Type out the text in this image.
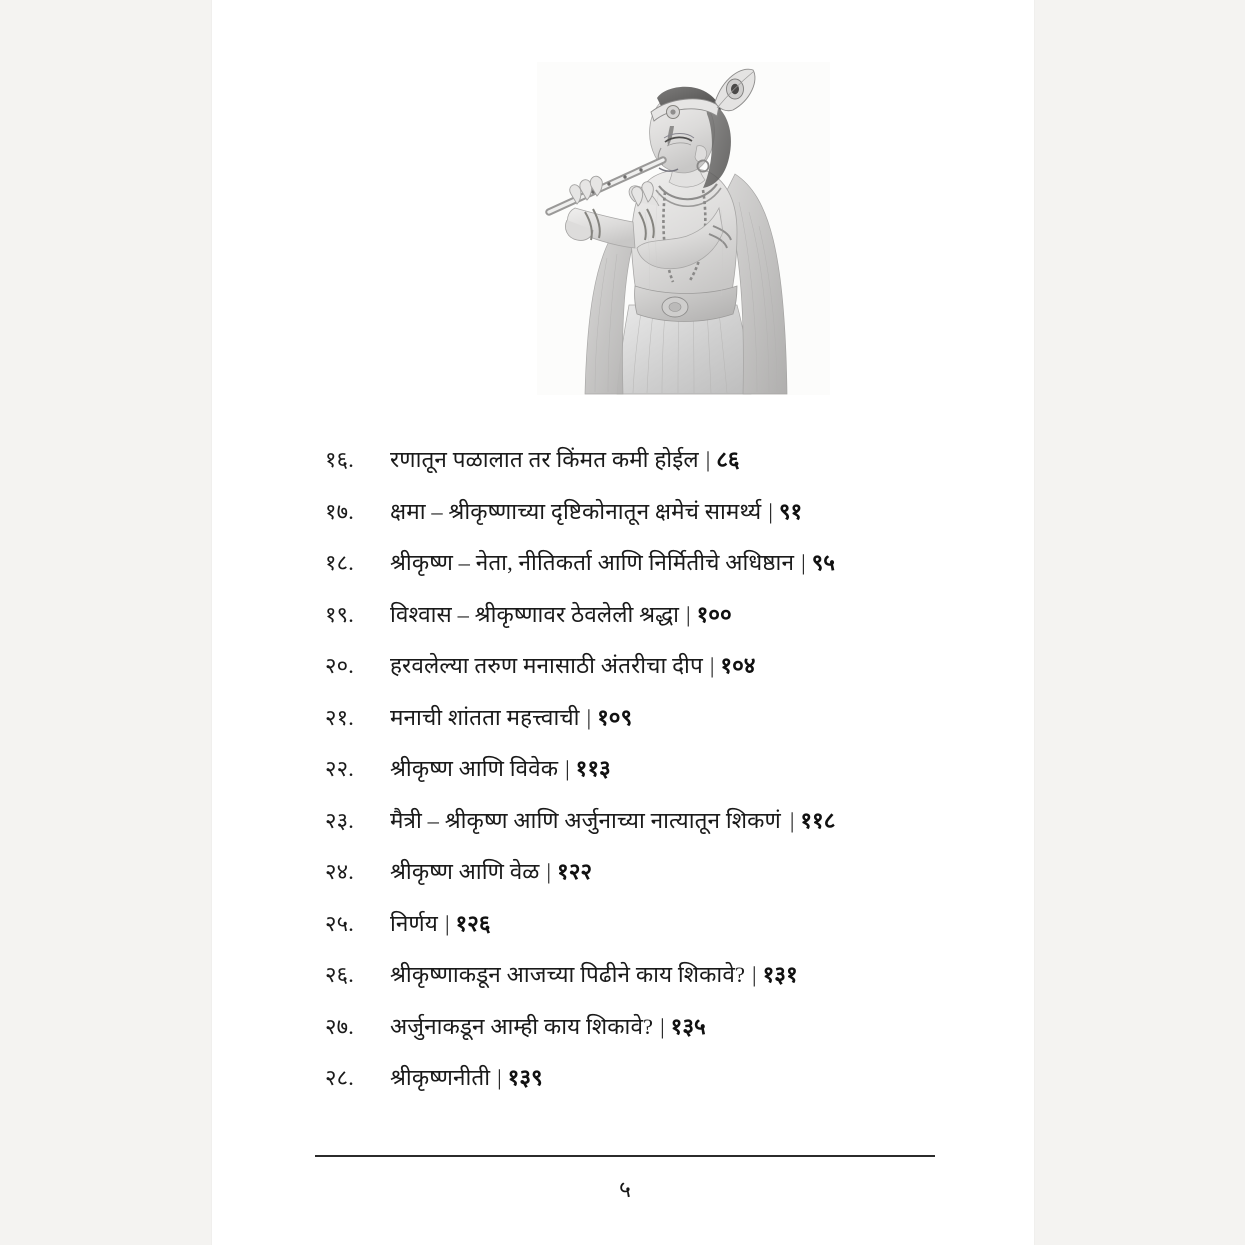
१६.	रणातून पळालात तर किंमत कमी होईल | ८६
१७.	क्षमा – श्रीकृष्णाच्या दृष्टिकोनातून क्षमेचं सामर्थ्य | ९१
१८.	श्रीकृष्ण – नेता, नीतिकर्ता आणि निर्मितीचे अधिष्ठान | ९५
१९.	विश्वास – श्रीकृष्णावर ठेवलेली श्रद्धा | १००
२०.	हरवलेल्या तरुण मनासाठी अंतरीचा दीप | १०४
२१.	मनाची शांतता महत्त्वाची | १०९
२२.	श्रीकृष्ण आणि विवेक | ११३
२३.	मैत्री – श्रीकृष्ण आणि अर्जुनाच्या नात्यातून शिकणं | ११८
२४.	श्रीकृष्ण आणि वेळ | १२२
२५.	निर्णय | १२६
२६.	श्रीकृष्णाकडून आजच्या पिढीने काय शिकावे? | १३१
२७.	अर्जुनाकडून आम्ही काय शिकावे? | १३५
२८.	श्रीकृष्णनीती | १३९
५
